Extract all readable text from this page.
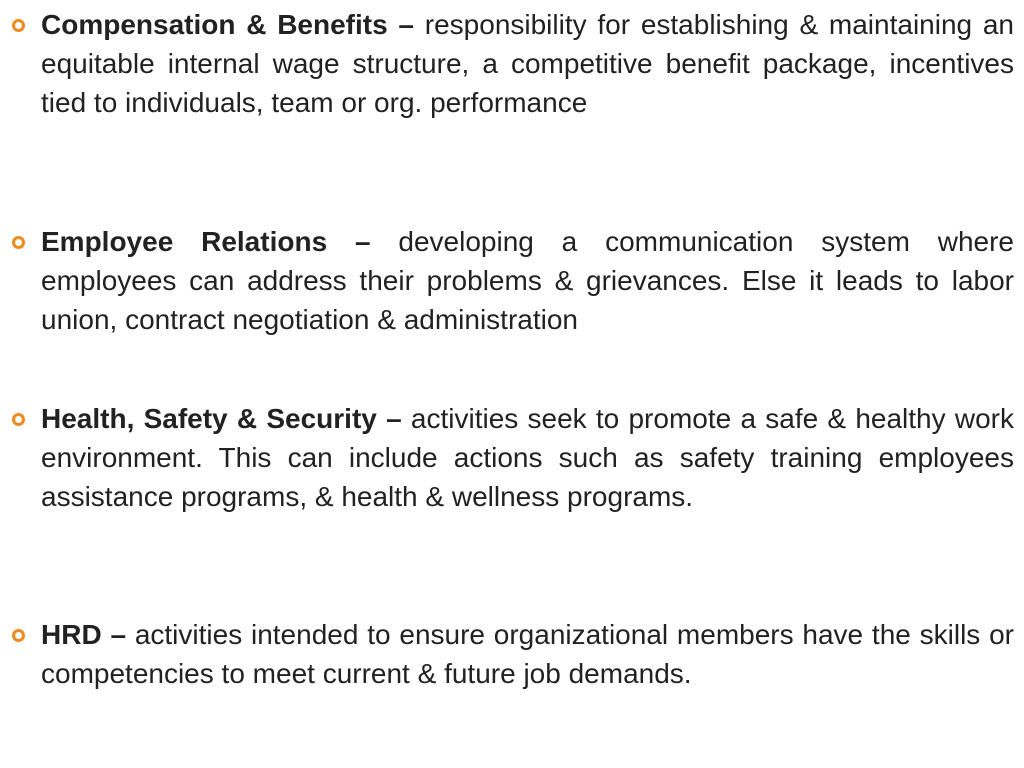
Compensation & Benefits – responsibility for establishing & maintaining an equitable internal wage structure, a competitive benefit package, incentives tied to individuals, team or org. performance

Employee Relations – developing a communication system where employees can address their problems & grievances. Else it leads to labor union, contract negotiation & administration

Health, Safety & Security – activities seek to promote a safe & healthy work environment. This can include actions such as safety training employees assistance programs, & health & wellness programs.

HRD – activities intended to ensure organizational members have the skills or competencies to meet current & future job demands.
